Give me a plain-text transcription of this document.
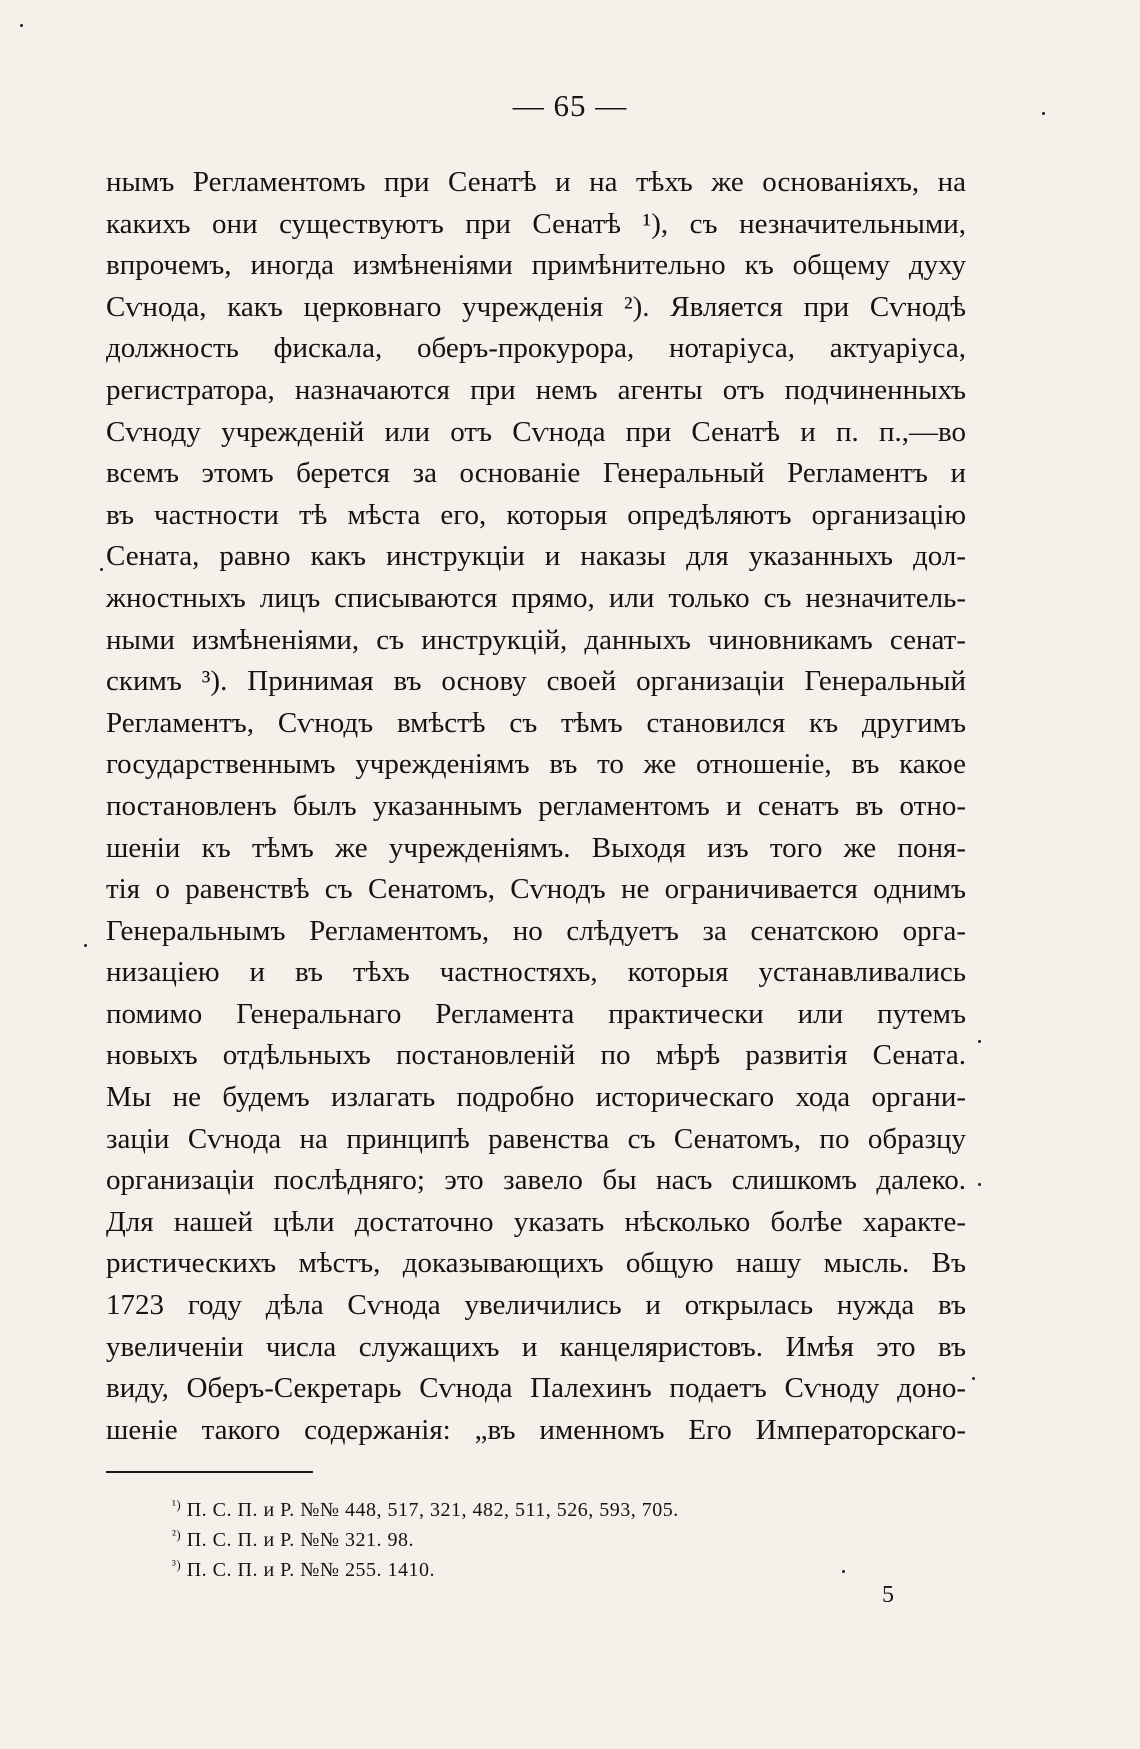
— 65 —
нымъ Регламентомъ при Сенатѣ и на тѣхъ же основаніяхъ, на
какихъ они существуютъ при Сенатѣ ¹), съ незначительными,
впрочемъ, иногда измѣненіями примѣнительно къ общему духу
Сѵнода, какъ церковнаго учрежденія ²). Является при Сѵнодѣ
должность фискала, оберъ-прокурора, нотаріуса, актуаріуса,
регистратора, назначаются при немъ агенты отъ подчиненныхъ
Сѵноду учрежденій или отъ Сѵнода при Сенатѣ и п. п.,—во
всемъ этомъ берется за основаніе Генеральный Регламентъ и
въ частности тѣ мѣста его, которыя опредѣляютъ организацію
Сената, равно какъ инструкціи и наказы для указанныхъ дол-
жностныхъ лицъ списываются прямо, или только съ незначитель-
ными измѣненіями, съ инструкцій, данныхъ чиновникамъ сенат-
скимъ ³). Принимая въ основу своей организаціи Генеральный
Регламентъ, Сѵнодъ вмѣстѣ съ тѣмъ становился къ другимъ
государственнымъ учрежденіямъ въ то же отношеніе, въ какое
постановленъ былъ указаннымъ регламентомъ и сенатъ въ отно-
шеніи къ тѣмъ же учрежденіямъ. Выходя изъ того же поня-
тія о равенствѣ съ Сенатомъ, Сѵнодъ не ограничивается однимъ
Генеральнымъ Регламентомъ, но слѣдуетъ за сенатскою орга-
низаціею и въ тѣхъ частностяхъ, которыя устанавливались
помимо Генеральнаго Регламента практически или путемъ
новыхъ отдѣльныхъ постановленій по мѣрѣ развитія Сената.
Мы не будемъ излагать подробно историческаго хода органи-
заціи Сѵнода на принципѣ равенства съ Сенатомъ, по образцу
организаціи послѣдняго; это завело бы насъ слишкомъ далеко.
Для нашей цѣли достаточно указать нѣсколько болѣе характе-
ристическихъ мѣстъ, доказывающихъ общую нашу мысль. Въ
1723 году дѣла Сѵнода увеличились и открылась нужда въ
увеличеніи числа служащихъ и канцеляристовъ. Имѣя это въ
виду, Оберъ-Секретарь Сѵнода Палехинъ подаетъ Сѵноду доно-
шеніе такого содержанія: „въ именномъ Его Императорскаго-
$^{^1)}$ П. С. П. и Р. №№ 448, 517, 321, 482, 511, 526, 593, 705.
$^{^2)}$ П. С. П. и Р. №№ 321. 98.
$^{^3)}$ П. С. П. и Р. №№ 255. 1410.
5
